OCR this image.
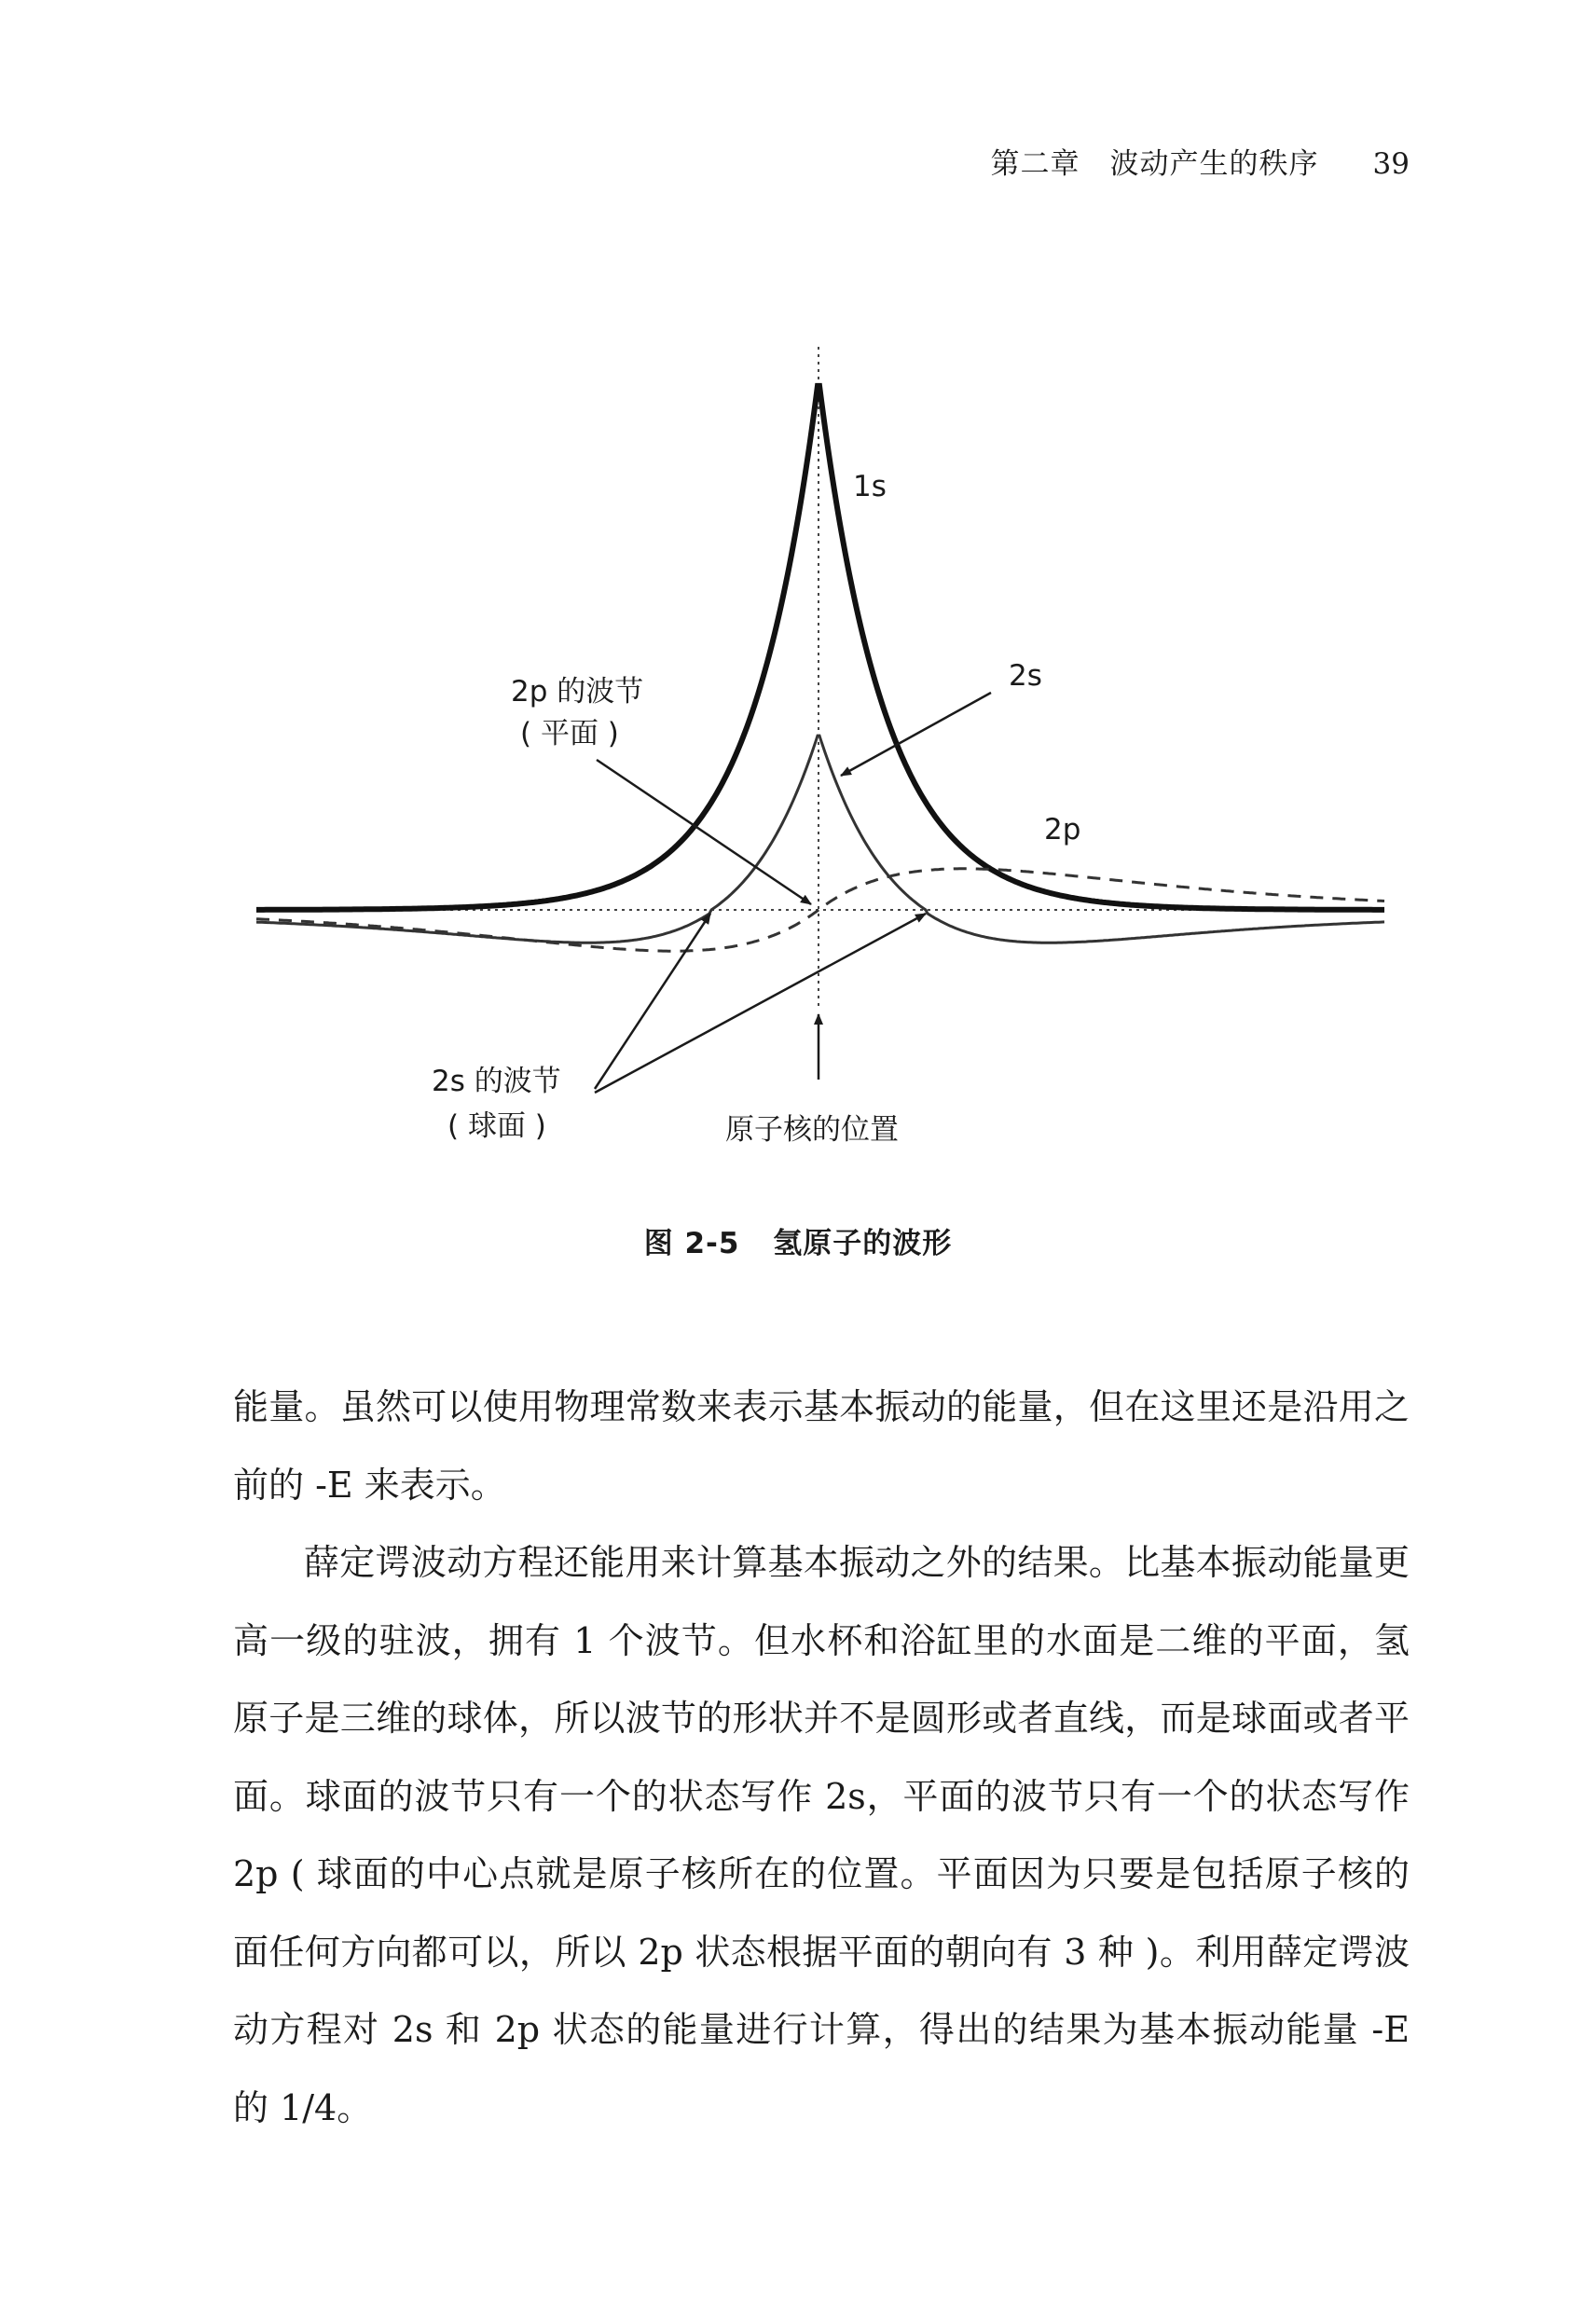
第二章　波动产生的秩序 39
1s
2s
2p
2p 的波节
( 平面 )
2s 的波节
( 球面 )	原子核的位置
图 2-5 氢原子的波形

能量。虽然可以使用物理常数来表示基本振动的能量，但在这里还是沿用之前的 -E 来表示。

薛定谔波动方程还能用来计算基本振动之外的结果。比基本振动能量更高一级的驻波，拥有 1 个波节。但水杯和浴缸里的水面是二维的平面，氢原子是三维的球体，所以波节的形状并不是圆形或者直线，而是球面或者平面。球面的波节只有一个的状态写作 2s，平面的波节只有一个的状态写作 2p ( 球面的中心点就是原子核所在的位置。平面因为只要是包括原子核的面任何方向都可以，所以 2p 状态根据平面的朝向有 3 种 )。利用薛定谔波动方程对 2s 和 2p 状态的能量进行计算，得出的结果为基本振动能量 -E 的 1/4。
